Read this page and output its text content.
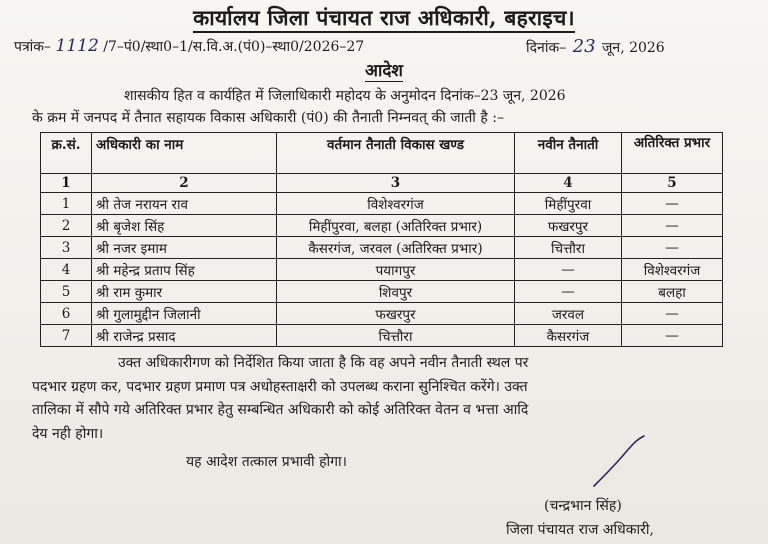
कार्यालय जिला पंचायत राज अधिकारी, बहराइच।
पत्रांक– 1112 /7–पं0/स्था0–1/स.वि.अ.(पं0)–स्था0/2026–27	दिनांक– 23 जून, 2026
आदेश
शासकीय हित व कार्यहित में जिलाधिकारी महोदय के अनुमोदन दिनांक–23 जून, 2026
के क्रम में जनपद में तैनात सहायक विकास अधिकारी (पं0) की तैनाती निम्नवत् की जाती है :–
क्र.सं.	अधिकारी का नाम	वर्तमान तैनाती विकास खण्ड	नवीन तैनाती	अतिरिक्त प्रभार
1	2	3	4	5
1	श्री तेज नरायन राव	विशेश्वरगंज	मिहींपुरवा	—
2	श्री बृजेश सिंह	मिहींपुरवा, बलहा (अतिरिक्त प्रभार)	फखरपुर	—
3	श्री नजर इमाम	कैसरगंज, जरवल (अतिरिक्त प्रभार)	चित्तौरा	—
4	श्री महेन्द्र प्रताप सिंह	पयागपुर	—	विशेश्वरगंज
5	श्री राम कुमार	शिवपुर	—	बलहा
6	श्री गुलामुद्दीन जिलानी	फखरपुर	जरवल	—
7	श्री राजेन्द्र प्रसाद	चित्तौरा	कैसरगंज	—
उक्त अधिकारीगण को निर्देशित किया जाता है कि वह अपने नवीन तैनाती स्थल पर
पदभार ग्रहण कर, पदभार ग्रहण प्रमाण पत्र अधोहस्ताक्षरी को उपलब्ध कराना सुनिश्चित करेंगे। उक्त
तालिका में सौपे गये अतिरिक्त प्रभार हेतु सम्बन्धित अधिकारी को कोई अतिरिक्त वेतन व भत्ता आदि
देय नही होगा।
यह आदेश तत्काल प्रभावी होगा।
(चन्द्रभान सिंह)
जिला पंचायत राज अधिकारी,
